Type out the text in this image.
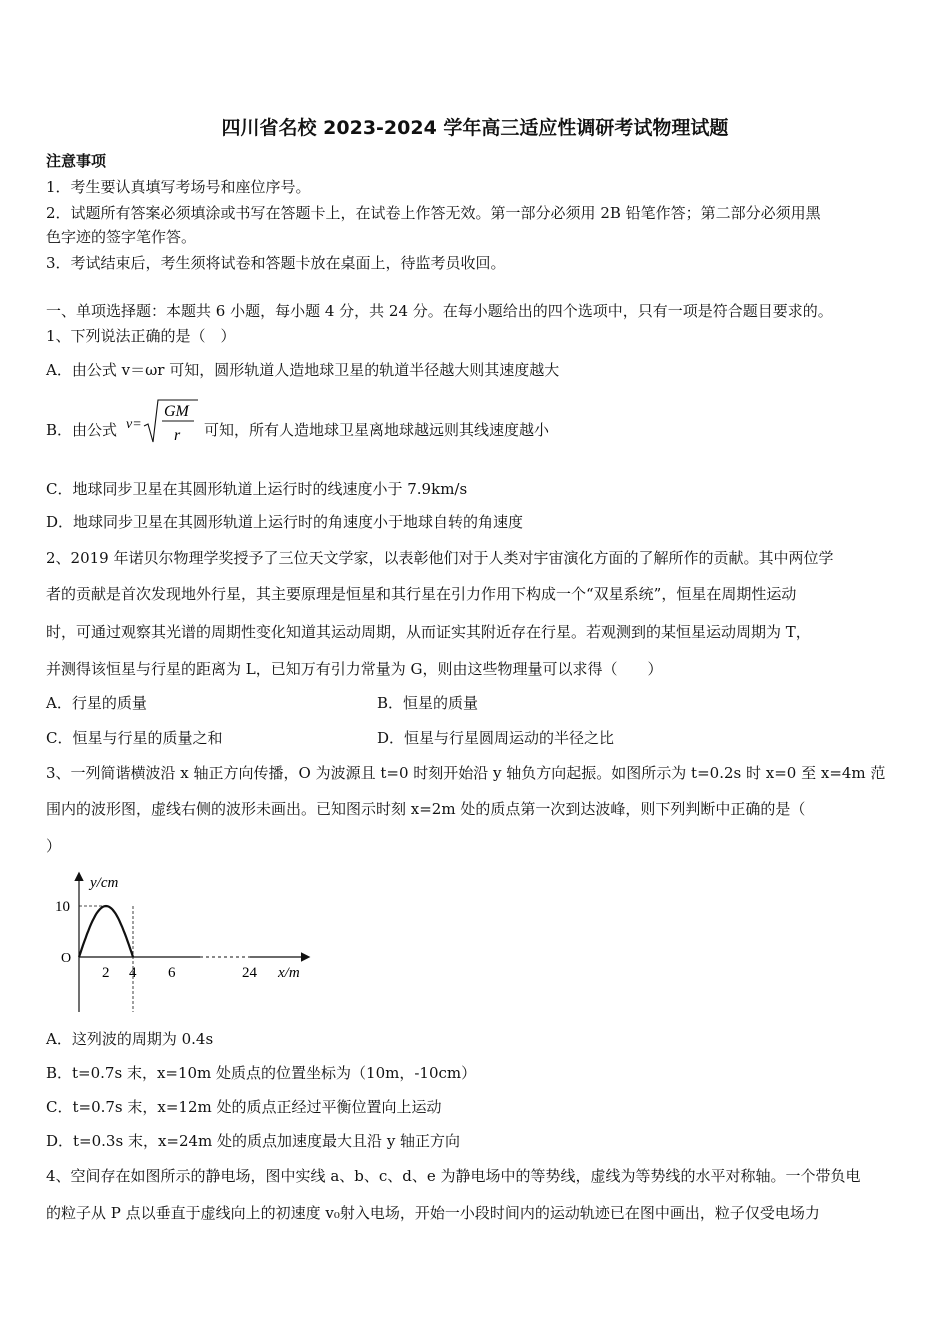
四川省名校 2023-2024 学年高三适应性调研考试物理试题
注意事项
1．考生要认真填写考场号和座位序号。
2．试题所有答案必须填涂或书写在答题卡上，在试卷上作答无效。第一部分必须用 2B 铅笔作答；第二部分必须用黑
色字迹的签字笔作答。
3．考试结束后，考生须将试卷和答题卡放在桌面上，待监考员收回。
一、单项选择题：本题共 6 小题，每小题 4 分，共 24 分。在每小题给出的四个选项中，只有一项是符合题目要求的。
1、下列说法正确的是（　）
A．由公式 v＝ωr 可知，圆形轨道人造地球卫星的轨道半径越大则其速度越大
B．由公式 v=
GM
r 可知，所有人造地球卫星离地球越远则其线速度越小
C．地球同步卫星在其圆形轨道上运行时的线速度小于 7.9km/s
D．地球同步卫星在其圆形轨道上运行时的角速度小于地球自转的角速度
2、2019 年诺贝尔物理学奖授予了三位天文学家，以表彰他们对于人类对宇宙演化方面的了解所作的贡献。其中两位学
者的贡献是首次发现地外行星，其主要原理是恒星和其行星在引力作用下构成一个“双星系统”，恒星在周期性运动
时，可通过观察其光谱的周期性变化知道其运动周期，从而证实其附近存在行星。若观测到的某恒星运动周期为 T，
并测得该恒星与行星的距离为 L，已知万有引力常量为 G，则由这些物理量可以求得（　　）
A．行星的质量	B．恒星的质量
C．恒星与行星的质量之和	D．恒星与行星圆周运动的半径之比
3、一列简谐横波沿 x 轴正方向传播，O 为波源且 t=0 时刻开始沿 y 轴负方向起振。如图所示为 t=0.2s 时 x=0 至 x=4m 范
围内的波形图，虚线右侧的波形未画出。已知图示时刻 x=2m 处的质点第一次到达波峰，则下列判断中正确的是（
）
y/cm
10
O
2 4 6	24 x/m
A．这列波的周期为 0.4s
B．t=0.7s 末，x=10m 处质点的位置坐标为（10m，-10cm）
C．t=0.7s 末，x=12m 处的质点正经过平衡位置向上运动
D．t=0.3s 末，x=24m 处的质点加速度最大且沿 y 轴正方向
4、空间存在如图所示的静电场，图中实线 a、b、c、d、e 为静电场中的等势线，虚线为等势线的水平对称轴。一个带负电
的粒子从 P 点以垂直于虚线向上的初速度 v₀射入电场，开始一小段时间内的运动轨迹已在图中画出，粒子仅受电场力
